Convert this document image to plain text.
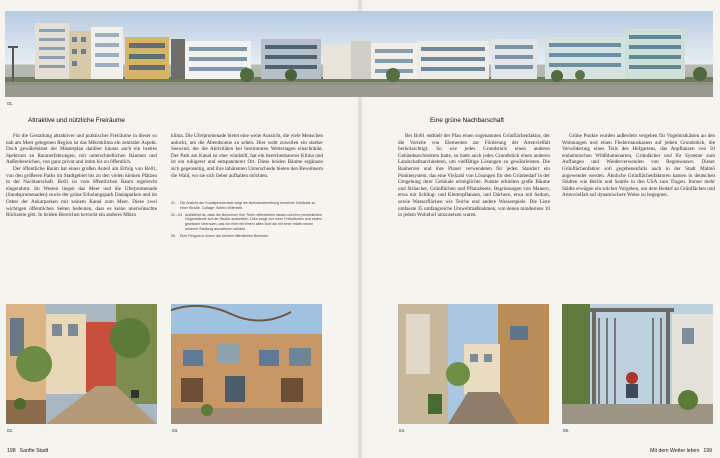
01.
Attraktive und nützliche Freiräume

Für die Gestaltung attraktiver und praktischer Freiräume in dieser so nah am Meer gelegenen Region ist das Mikroklima ein zentraler Aspekt. Doch gewährleistet der Masterplan darüber hinaus auch ein breites Spektrum an Raumerfahrungen, mit unterschiedlichen Räumen und Außenbereichen, von ganz privat und intim bis zu öffentlich.

Der öffentliche Raum hat einen großen Anteil am Erfolg von Bo01, von den größeren Parks im Stadtgebiet bis zu den vielen kleinen Plätzen in der Nachbarschaft. Bo01 ist vom öffentlichen Raum regelrecht eingerahmt. Im Westen liegen das Meer und die Uferpromenade (Sundspromenaden) sowie der grüne Erholungspark Daniaparken und im Osten der Ankarparken mit seinem Kanal zum Meer. Diese zwei wichtigen öffentlichen Seiten bedeuten, dass es keine unerwünschte Rückseite gibt. In beiden Bereichen herrscht ein anderes Mikro

klima. Die Uferpromenade bietet eine weite Aussicht, die viele Menschen anlockt, um die Abendsonne zu sehen. Hier weht zuweilen ein starker Seewind, der die Aktivitäten bei bestimmten Wetterlagen einschränkt. Der Park am Kanal ist eher windstill, hat ein berechenbareres Klima und ist ein ruhigerer und entspannterer Ort. Diese beiden Räume ergänzen sich gegenseitig, und ihre inhärenten Unterschiede bieten den Bewohnern die Wahl, wo sie sich lieber aufhalten möchten.

01.	Die Ansicht der Sundspromenade zeigt die Aneinanderreihung einzelner Gebäude zu einer Straße. Collage: Sotero Wilenbek
02.–04. Auffallend ist, dass die Bewohner ihre Türen offenstehen lassen und ihre persönlichen Gegenstände auf der Straße ausbreiten. Dies zeugt von einer Freiluftkultur und einem gewissen Vertrauen, das wir eher mit einem alten Dorf als mit einer relativ neuen urbanen Siedlung assoziieren würden.
05.	Eine Pergola in einem der kleinen öffentlichen Bereiche
Eine grüne Nachbarschaft

Bei Bo01 enthielt der Plan einen sogenannten Grünflächenfaktor, der die Vorteile von Elementen zur Förderung der Artenvielfalt berücksichtigt. So wie jedes Grundstück einen anderen Gebäudearchitekten hatte, so hatte auch jedes Grundstück einen anderen Landschaftsarchitekten, um vielfältige Lösungen zu gewährleisten. Die Bauherren und ihre Planer verwendeten für jeden Standort ein Punktesystem, das eine Vielzahl von Lösungen für den Grünbedarf in der Umgebung ihrer Gebäude ermöglichte. Punkte erhielten große Bäume und Sträucher, Grünflächen und Pflanzbeete, Begrünungen von Mauern, etwa mit Schling- und Kletterpflanzen, und Dächern, etwa mit Sedum, sowie Wasserflächen wie Teiche und andere Wasserspiele. Die Liste umfasste 35 umfangreiche Umweltmaßnahmen, von denen mindestens 10 in jedem Wohnhof umzusetzen waren.

Grüne Punkte wurden außerdem vergeben für Vogelnistkästen an den Wohnungen und einen Fledermauskasten auf jedem Grundstück, die Verwilderung eines Teils des Hofgartens, das Anpflanzen von 50 einheimischen Wildblumenarten, Gründächer und für Systeme zum Auffangen und Wiederverwenden von Regenwasser. Dieser Grünflächenfaktor soll gegebenenfalls auch in der Stadt Malmö angewendet werden. Ähnliche Grünflächenfaktoren kamen in deutschen Städten wie Berlin und Seattle in den USA zum Tragen. Immer mehr Städte erwägen ein solches Vorgehen, um dem Bedarf an Grünflächen und Artenvielfalt auf dynamischere Weise zu begegnen.

02.	03.	04.	05.
198 Sanfte Stadt	Mit dem Wetter leben 199
